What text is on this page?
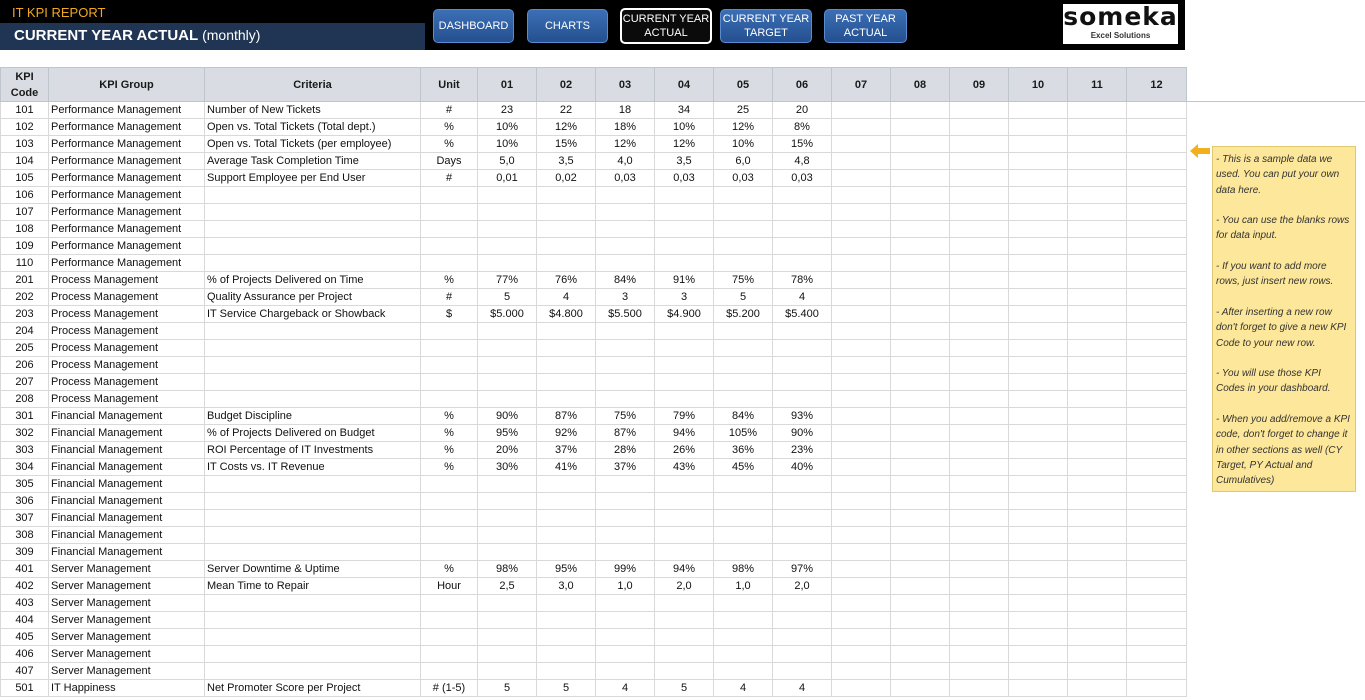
IT KPI REPORT
CURRENT YEAR ACTUAL (monthly)
DASHBOARD	CHARTS
CURRENT YEAR ACTUAL
CURRENT YEAR TARGET
PAST YEAR ACTUAL
someka
Excel Solutions
KPI Code	KPI Group	Criteria	Unit	01	02	03	04	05	06	07	08	09	10	11	12
101	Performance Management	Number of New Tickets	#	23	22	18	34	25	20						
102	Performance Management	Open vs. Total Tickets (Total dept.)	%	10%	12%	18%	10%	12%	8%						
103	Performance Management	Open vs. Total Tickets (per employee)	%	10%	15%	12%	12%	10%	15%						
104	Performance Management	Average Task Completion Time	Days	5,0	3,5	4,0	3,5	6,0	4,8						
105	Performance Management	Support Employee per End User	#	0,01	0,02	0,03	0,03	0,03	0,03						
106	Performance Management														
107	Performance Management														
108	Performance Management														
109	Performance Management														
110	Performance Management														
201	Process Management	% of Projects Delivered on Time	%	77%	76%	84%	91%	75%	78%						
202	Process Management	Quality Assurance per Project	#	5	4	3	3	5	4						
203	Process Management	IT Service Chargeback or Showback	$	$5.000	$4.800	$5.500	$4.900	$5.200	$5.400						
204	Process Management														
205	Process Management														
206	Process Management														
207	Process Management														
208	Process Management														
301	Financial Management	Budget Discipline	%	90%	87%	75%	79%	84%	93%						
302	Financial Management	% of Projects Delivered on Budget	%	95%	92%	87%	94%	105%	90%						
303	Financial Management	ROI Percentage of IT Investments	%	20%	37%	28%	26%	36%	23%						
304	Financial Management	IT Costs vs. IT Revenue	%	30%	41%	37%	43%	45%	40%						
305	Financial Management														
306	Financial Management														
307	Financial Management														
308	Financial Management														
309	Financial Management														
401	Server Management	Server Downtime & Uptime	%	98%	95%	99%	94%	98%	97%						
402	Server Management	Mean Time to Repair	Hour	2,5	3,0	1,0	2,0	1,0	2,0						
403	Server Management														
404	Server Management														
405	Server Management														
406	Server Management														
407	Server Management														
501	IT Happiness	Net Promoter Score per Project	# (1-5)	5	5	4	5	4	4						
- This is a sample data we used. You can put your own data here.

- You can use the blanks rows for data input.

- If you want to add more rows, just insert new rows.

- After inserting a new row don't forget to give a new KPI Code to your new row.

- You will use those KPI Codes in your dashboard.

- When you add/remove a KPI code, don't forget to change it in other sections as well (CY Target, PY Actual and Cumulatives)
